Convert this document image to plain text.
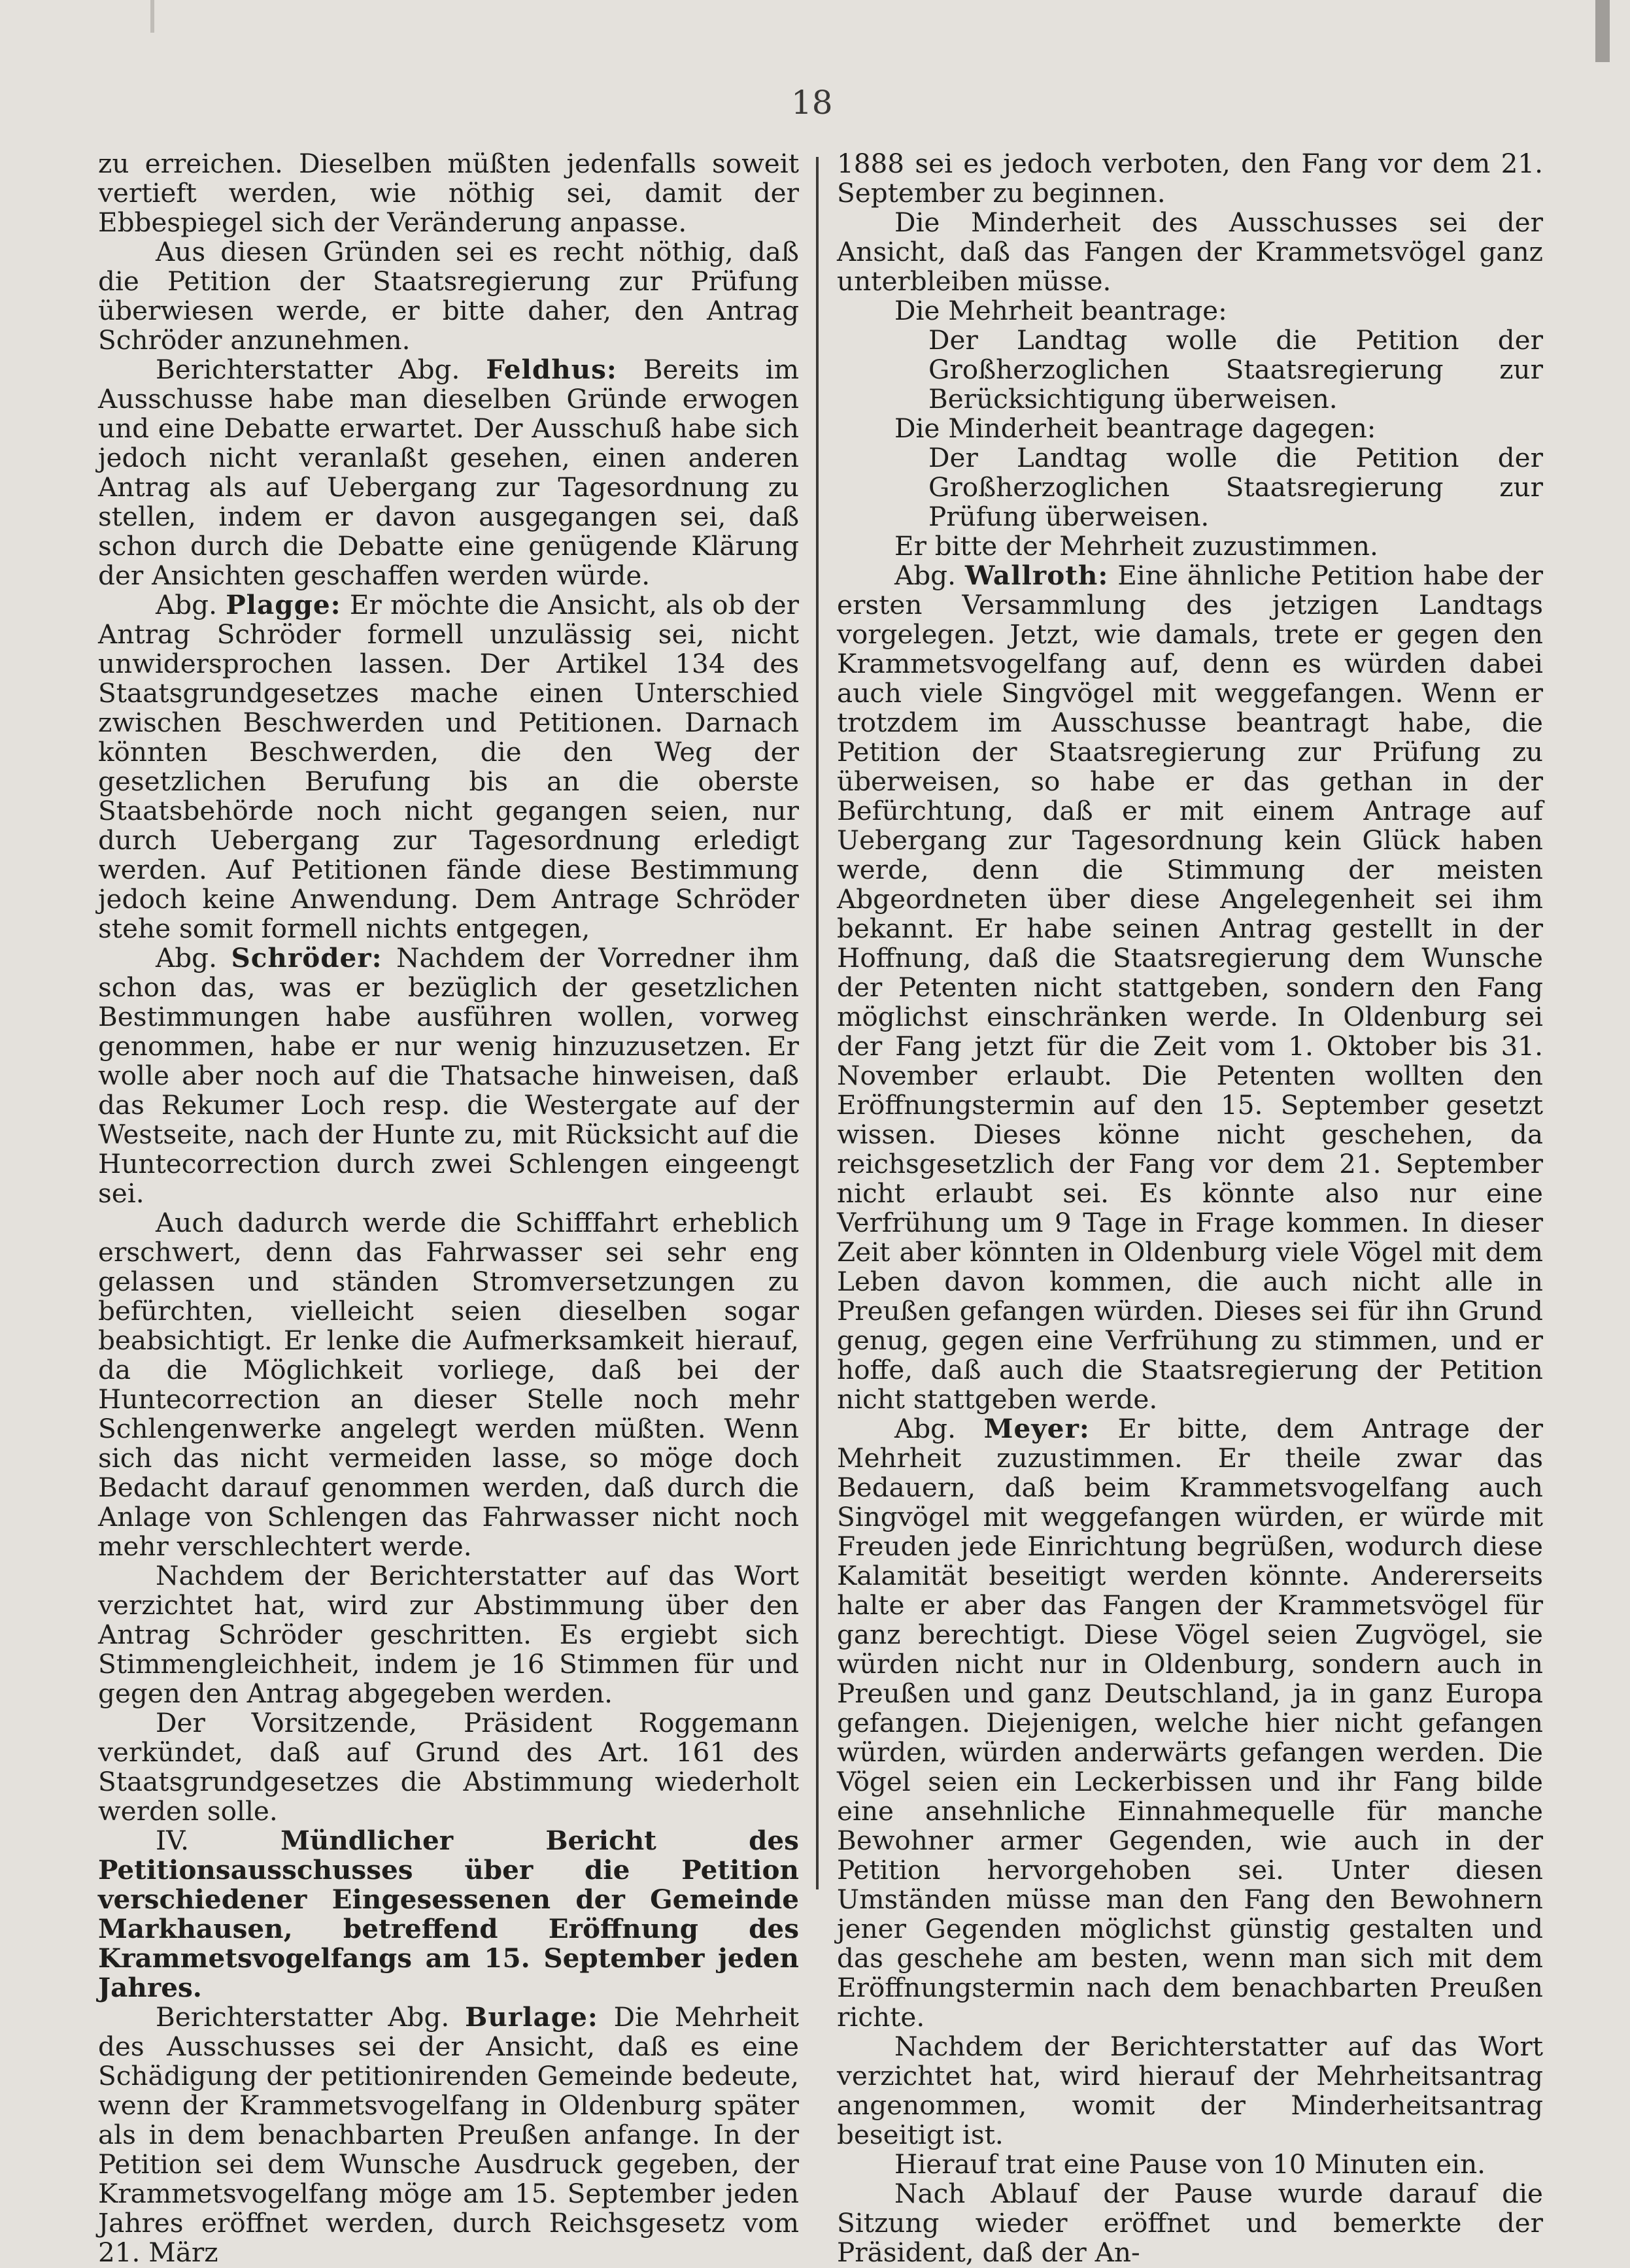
18

zu erreichen. Dieselben müßten jedenfalls soweit vertieft werden, wie nöthig sei, damit der Ebbespiegel sich der Veränderung anpasse.

Aus diesen Gründen sei es recht nöthig, daß die Petition der Staatsregierung zur Prüfung überwiesen werde, er bitte daher, den Antrag Schröder anzunehmen.

Berichterstatter Abg. Feldhus: Bereits im Ausschusse habe man dieselben Gründe erwogen und eine Debatte erwartet. Der Ausschuß habe sich jedoch nicht veranlaßt gesehen, einen anderen Antrag als auf Uebergang zur Tagesordnung zu stellen, indem er davon ausgegangen sei, daß schon durch die Debatte eine genügende Klärung der Ansichten geschaffen werden würde.

Abg. Plagge: Er möchte die Ansicht, als ob der Antrag Schröder formell unzulässig sei, nicht unwidersprochen lassen. Der Artikel 134 des Staatsgrundgesetzes mache einen Unterschied zwischen Beschwerden und Petitionen. Darnach könnten Beschwerden, die den Weg der gesetzlichen Berufung bis an die oberste Staatsbehörde noch nicht gegangen seien, nur durch Uebergang zur Tagesordnung erledigt werden. Auf Petitionen fände diese Bestimmung jedoch keine Anwendung. Dem Antrage Schröder stehe somit formell nichts entgegen,

Abg. Schröder: Nachdem der Vorredner ihm schon das, was er bezüglich der gesetzlichen Bestimmungen habe ausführen wollen, vorweg genommen, habe er nur wenig hinzuzusetzen. Er wolle aber noch auf die Thatsache hinweisen, daß das Rekumer Loch resp. die Westergate auf der Westseite, nach der Hunte zu, mit Rücksicht auf die Huntecorrection durch zwei Schlengen eingeengt sei.

Auch dadurch werde die Schifffahrt erheblich erschwert, denn das Fahrwasser sei sehr eng gelassen und ständen Stromversetzungen zu befürchten, vielleicht seien dieselben sogar beabsichtigt. Er lenke die Aufmerksamkeit hierauf, da die Möglichkeit vorliege, daß bei der Huntecorrection an dieser Stelle noch mehr Schlengenwerke angelegt werden müßten. Wenn sich das nicht vermeiden lasse, so möge doch Bedacht darauf genommen werden, daß durch die Anlage von Schlengen das Fahrwasser nicht noch mehr verschlechtert werde.

Nachdem der Berichterstatter auf das Wort verzichtet hat, wird zur Abstimmung über den Antrag Schröder geschritten. Es ergiebt sich Stimmengleichheit, indem je 16 Stimmen für und gegen den Antrag abgegeben werden.

Der Vorsitzende, Präsident Roggemann verkündet, daß auf Grund des Art. 161 des Staatsgrundgesetzes die Abstimmung wiederholt werden solle.

IV.	Mündlicher Bericht des Petitionsausschusses über die Petition verschiedener Eingesessenen der Gemeinde Markhausen, betreffend Eröffnung des Krammetsvogelfangs am 15. September jeden Jahres.

Berichterstatter Abg. Burlage: Die Mehrheit des Ausschusses sei der Ansicht, daß es eine Schädigung der petitionirenden Gemeinde bedeute, wenn der Krammetsvogelfang in Oldenburg später als in dem benachbarten Preußen anfange. In der Petition sei dem Wunsche Ausdruck gegeben, der Krammetsvogelfang möge am 15. September jeden Jahres eröffnet werden, durch Reichsgesetz vom 21. März

1888 sei es jedoch verboten, den Fang vor dem 21. September zu beginnen.

Die Minderheit des Ausschusses sei der Ansicht, daß das Fangen der Krammetsvögel ganz unterbleiben müsse.

Die Mehrheit beantrage:

Der Landtag wolle die Petition der Großherzoglichen Staatsregierung zur Berücksichtigung überweisen.

Die Minderheit beantrage dagegen:

Der Landtag wolle die Petition der Großherzoglichen Staatsregierung zur Prüfung überweisen.

Er bitte der Mehrheit zuzustimmen.

Abg. Wallroth: Eine ähnliche Petition habe der ersten Versammlung des jetzigen Landtags vorgelegen. Jetzt, wie damals, trete er gegen den Krammetsvogelfang auf, denn es würden dabei auch viele Singvögel mit weggefangen. Wenn er trotzdem im Ausschusse beantragt habe, die Petition der Staatsregierung zur Prüfung zu überweisen, so habe er das gethan in der Befürchtung, daß er mit einem Antrage auf Uebergang zur Tagesordnung kein Glück haben werde, denn die Stimmung der meisten Abgeordneten über diese Angelegenheit sei ihm bekannt. Er habe seinen Antrag gestellt in der Hoffnung, daß die Staatsregierung dem Wunsche der Petenten nicht stattgeben, sondern den Fang möglichst einschränken werde. In Oldenburg sei der Fang jetzt für die Zeit vom 1. Oktober bis 31. November erlaubt. Die Petenten wollten den Eröffnungstermin auf den 15. September gesetzt wissen. Dieses könne nicht geschehen, da reichsgesetzlich der Fang vor dem 21. September nicht erlaubt sei. Es könnte also nur eine Verfrühung um 9 Tage in Frage kommen. In dieser Zeit aber könnten in Oldenburg viele Vögel mit dem Leben davon kommen, die auch nicht alle in Preußen gefangen würden. Dieses sei für ihn Grund genug, gegen eine Verfrühung zu stimmen, und er hoffe, daß auch die Staatsregierung der Petition nicht stattgeben werde.

Abg. Meyer: Er bitte, dem Antrage der Mehrheit zuzustimmen. Er theile zwar das Bedauern, daß beim Krammetsvogelfang auch Singvögel mit weggefangen würden, er würde mit Freuden jede Einrichtung begrüßen, wodurch diese Kalamität beseitigt werden könnte. Andererseits halte er aber das Fangen der Krammetsvögel für ganz berechtigt. Diese Vögel seien Zugvögel, sie würden nicht nur in Oldenburg, sondern auch in Preußen und ganz Deutschland, ja in ganz Europa gefangen. Diejenigen, welche hier nicht gefangen würden, würden anderwärts gefangen werden. Die Vögel seien ein Leckerbissen und ihr Fang bilde eine ansehnliche Einnahmequelle für manche Bewohner armer Gegenden, wie auch in der Petition hervorgehoben sei. Unter diesen Umständen müsse man den Fang den Bewohnern jener Gegenden möglichst günstig gestalten und das geschehe am besten, wenn man sich mit dem Eröffnungstermin nach dem benachbarten Preußen richte.

Nachdem der Berichterstatter auf das Wort verzichtet hat, wird hierauf der Mehrheitsantrag angenommen, womit der Minderheitsantrag beseitigt ist.

Hierauf trat eine Pause von 10 Minuten ein.

Nach Ablauf der Pause wurde darauf die Sitzung wieder eröffnet und bemerkte der Präsident, daß der An-
